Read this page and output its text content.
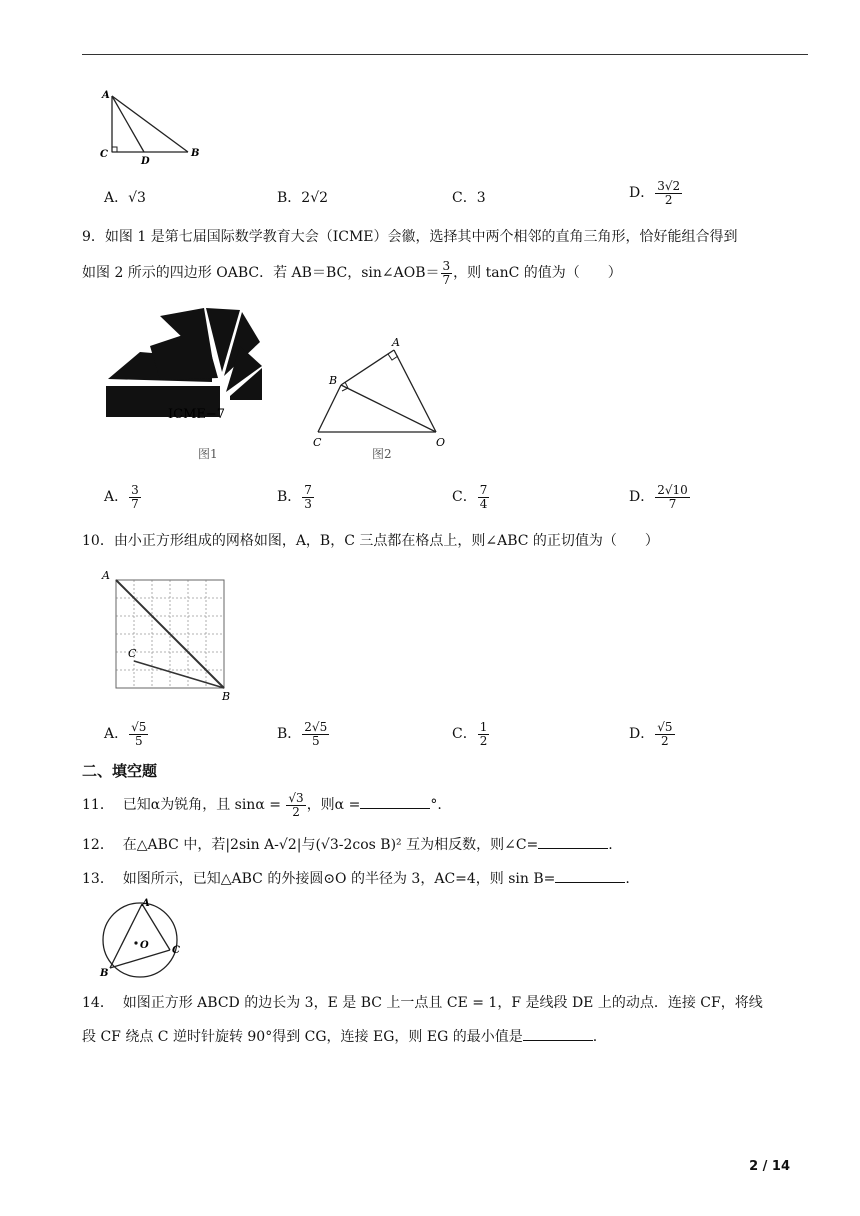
A
C
D
B
A．√3	B．2√2	C．3	D． $\frac{3√2}{2}$
9．如图 1 是第七届国际数学教育大会（ICME）会徽，选择其中两个相邻的直角三角形，恰好能组合得到
如图 2 所示的四边形 OABC．若 AB＝BC，sin∠AOB＝ $\frac{3}{7}$ ，则 tanC 的值为（　　）
ICME−7
图1
A
B
C	O
图2
A． $\frac{3}{7}$	B． $\frac{7}{3}$	C． $\frac{7}{4}$	D． $\frac{2√10}{7}$
10．由小正方形组成的网格如图，A，B，C 三点都在格点上，则∠ABC 的正切值为（　　）
A
C
B
A． $\frac{√5}{5}$	B． $\frac{2√5}{5}$	C． $\frac{1}{2}$	D． $\frac{√5}{2}$
二、填空题
11． 已知α为锐角，且 $\sin\alpha = \frac{√3}{2}$ ，则α =	°.
12． 在△ABC 中，若|2sin A-√2|与(√3-2cos B)² 互为相反数，则∠C=	.
13． 如图所示，已知△ABC 的外接圆⊙O 的半径为 3，AC=4，则 sin B=	.
A
O C
B
14． 如图正方形 ABCD 的边长为 3，E 是 BC 上一点且 CE = 1，F 是线段 DE 上的动点．连接 CF，将线
段 CF 绕点 C 逆时针旋转 90°得到 CG，连接 EG，则 EG 的最小值是	.
2 / 14
